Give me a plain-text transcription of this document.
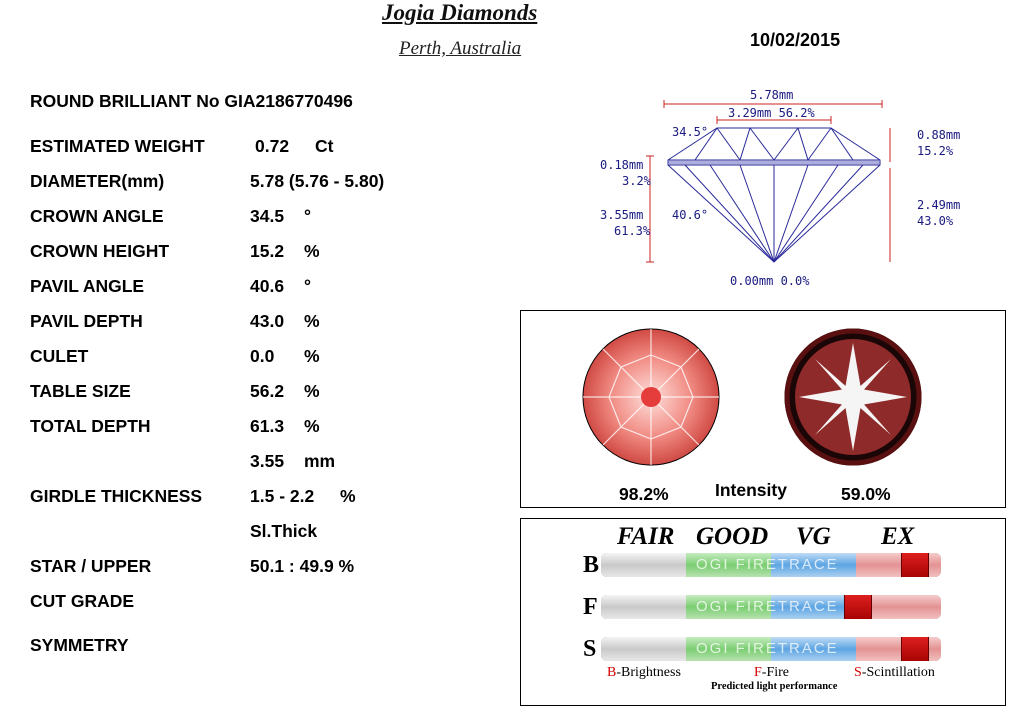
Jogia Diamonds
Perth, Australia	10/02/2015
ROUND BRILLIANT No GIA2186770496
ESTIMATED WEIGHT	0.72 Ct
DIAMETER(mm)	5.78 (5.76 - 5.80)
CROWN ANGLE	34.5 °
CROWN HEIGHT	15.2 %
PAVIL ANGLE	40.6 °
PAVIL DEPTH	43.0 %
CULET	0.0 %
TABLE SIZE	56.2 %
TOTAL DEPTH	61.3 %
3.55 mm
GIRDLE THICKNESS	1.5 - 2.2 %
Sl.Thick
STAR / UPPER	50.1 : 49.9 %
CUT GRADE
SYMMETRY
5.78mm
3.29mm 56.2%
34.5°	0.88mm
15.2%
0.18mm
3.2%
3.55mm
61.3%
40.6°
2.49mm
43.0%
0.00mm 0.0%
98.2%	Intensity	59.0%
FAIR GOOD VG EX
B	OGI FIRETRACE
F	OGI FIRETRACE
S	OGI FIRETRACE
B-Brightness	F-Fire	S-Scintillation
Predicted light performance
